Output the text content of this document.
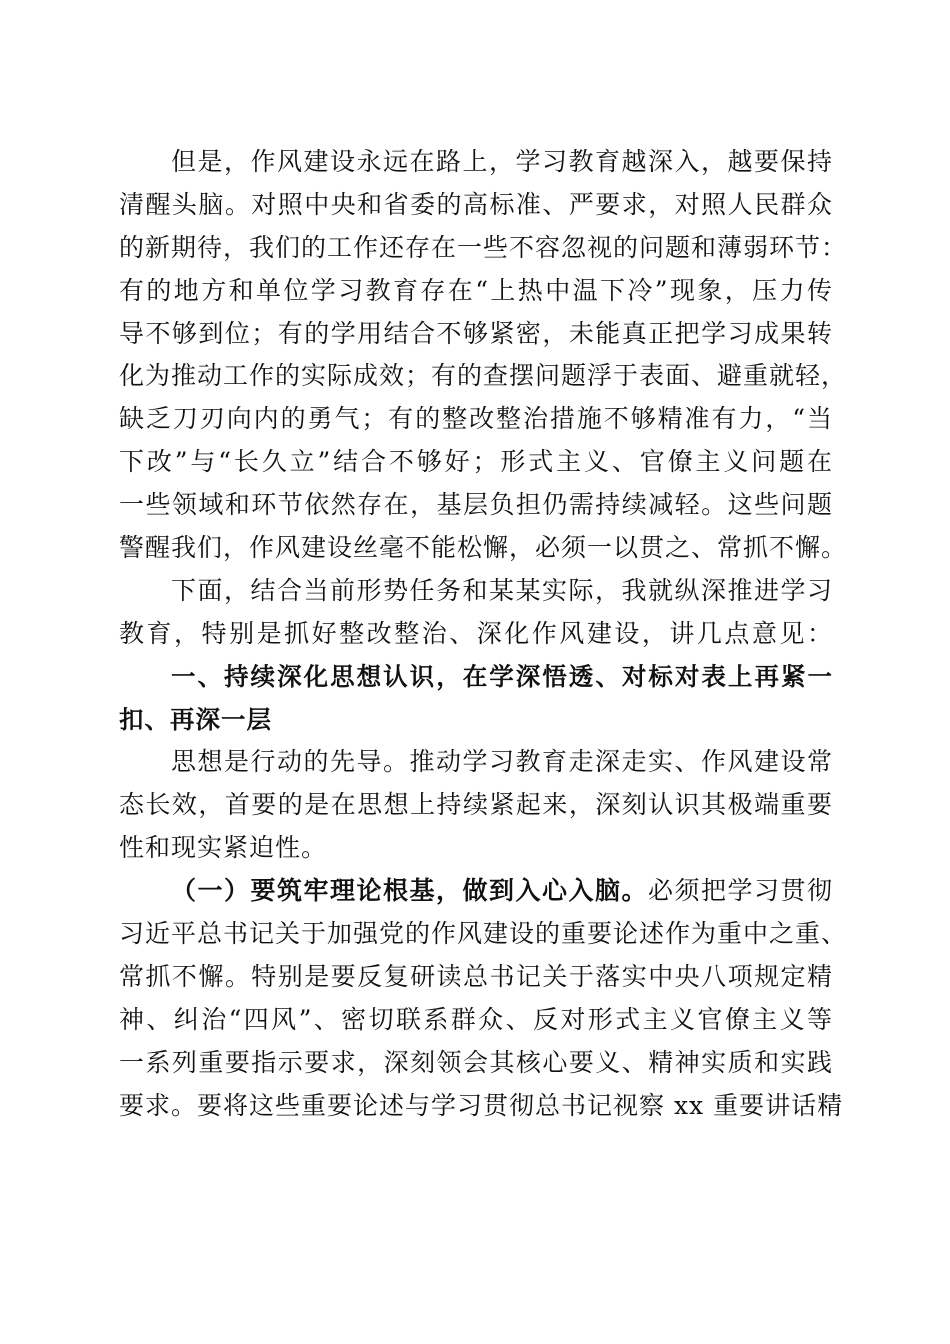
但是，作风建设永远在路上，学习教育越深入，越要保持
清醒头脑。对照中央和省委的高标准、严要求，对照人民群众
的新期待，我们的工作还存在一些不容忽视的问题和薄弱环节：
有的地方和单位学习教育存在“上热中温下冷”现象，压力传
导不够到位；有的学用结合不够紧密，未能真正把学习成果转
化为推动工作的实际成效；有的查摆问题浮于表面、避重就轻，
缺乏刀刃向内的勇气；有的整改整治措施不够精准有力，“当
下改”与“长久立”结合不够好；形式主义、官僚主义问题在
一些领域和环节依然存在，基层负担仍需持续减轻。这些问题
警醒我们，作风建设丝毫不能松懈，必须一以贯之、常抓不懈。
下面，结合当前形势任务和某某实际，我就纵深推进学习
教育，特别是抓好整改整治、深化作风建设，讲几点意见：
一、持续深化思想认识，在学深悟透、对标对表上再紧一
扣、再深一层
思想是行动的先导。推动学习教育走深走实、作风建设常
态长效，首要的是在思想上持续紧起来，深刻认识其极端重要
性和现实紧迫性。
（一）要筑牢理论根基，做到入心入脑。必须把学习贯彻
习近平总书记关于加强党的作风建设的重要论述作为重中之重、
常抓不懈。特别是要反复研读总书记关于落实中央八项规定精
神、纠治“四风”、密切联系群众、反对形式主义官僚主义等
一系列重要指示要求，深刻领会其核心要义、精神实质和实践
要求。要将这些重要论述与学习贯彻总书记视察 xx 重要讲话精
